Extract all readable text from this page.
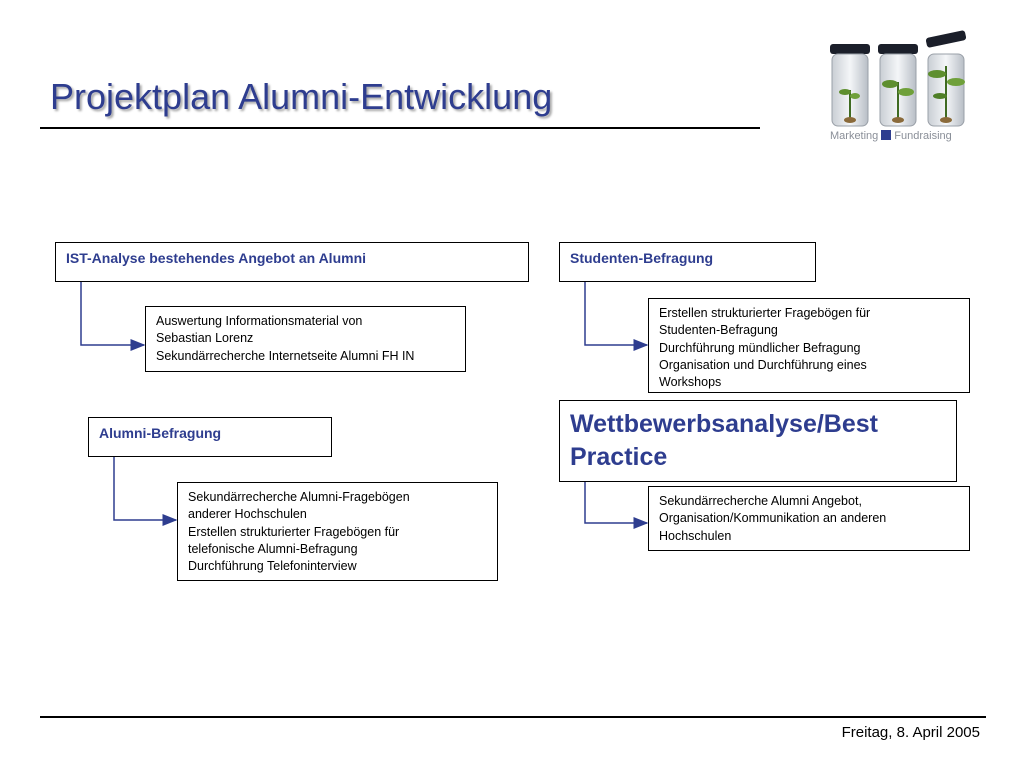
Projektplan Alumni-Entwicklung
Marketing Fundraising
IST-Analyse bestehendes Angebot an Alumni
Auswertung Informationsmaterial von
Sebastian Lorenz
Sekundärrecherche Internetseite Alumni FH IN
Studenten-Befragung
Erstellen strukturierter Fragebögen für
Studenten-Befragung
Durchführung mündlicher Befragung
Organisation und Durchführung eines
Workshops
Alumni-Befragung
Sekundärrecherche Alumni-Fragebögen
anderer Hochschulen
Erstellen strukturierter Fragebögen für
telefonische Alumni-Befragung
Durchführung Telefoninterview
Wettbewerbsanalyse/Best
Practice
Sekundärrecherche Alumni Angebot,
Organisation/Kommunikation an anderen
Hochschulen
Freitag, 8. April 2005
